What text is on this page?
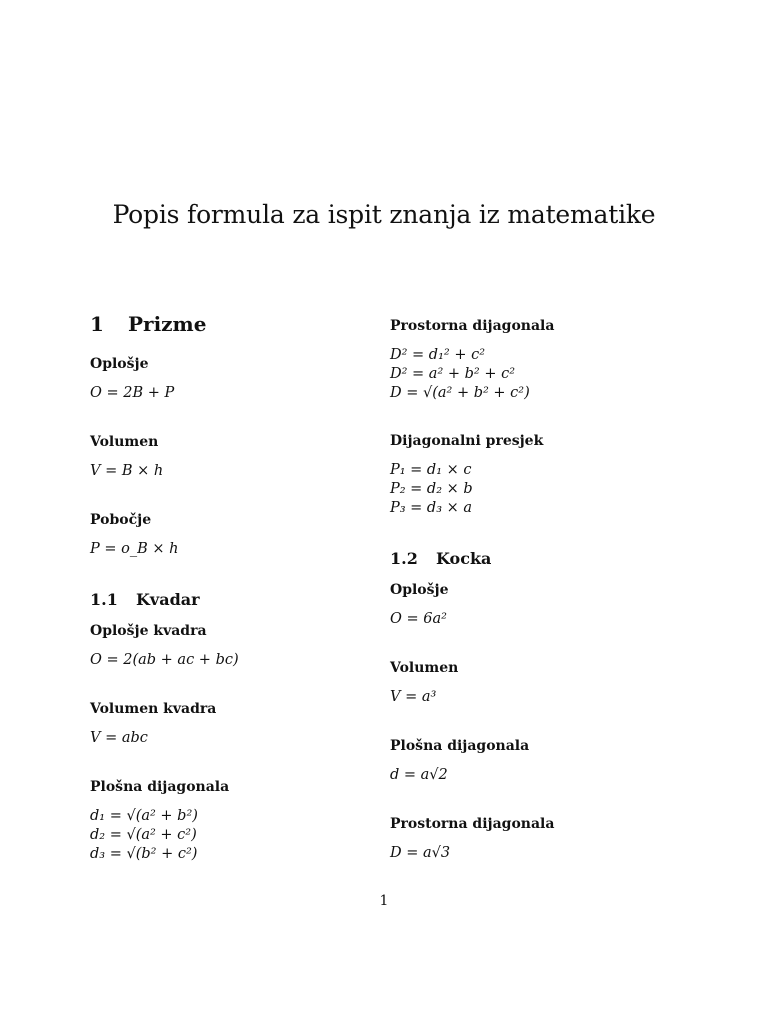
Popis formula za ispit znanja iz matematike
1 Prizme

Oplošje

O = 2B + P

Volumen

V = B × h

Pobočje

P = o_B × h

1.1 Kvadar

Oplošje kvadra

O = 2(ab + ac + bc)

Volumen kvadra

V = abc

Plošna dijagonala

d₁ = √(a² + b²)

d₂ = √(a² + c²)

d₃ = √(b² + c²)

Prostorna dijagonala

D² = d₁² + c²

D² = a² + b² + c²

D = √(a² + b² + c²)

Dijagonalni presjek

P₁ = d₁ × c

P₂ = d₂ × b

P₃ = d₃ × a

1.2 Kocka

Oplošje

O = 6a²

Volumen

V = a³

Plošna dijagonala

d = a√2

Prostorna dijagonala

D = a√3

1
